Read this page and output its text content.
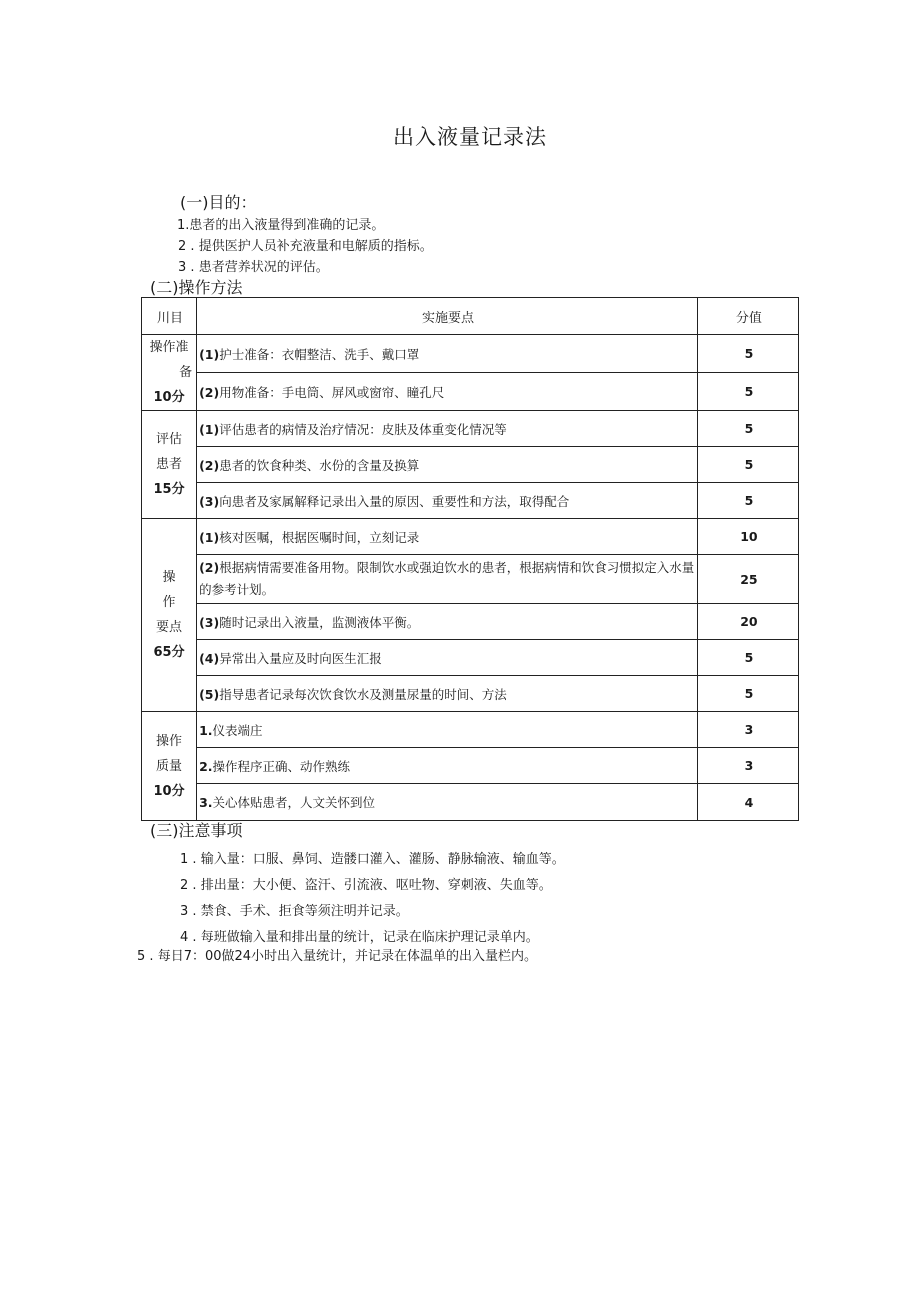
出入液量记录法
(一)目的：
1.患者的出入液量得到准确的记录。
2 . 提供医护人员补充液量和电解质的指标。
3 . 患者营养状况的评估。
(二)操作方法
川目	实施要点	分值

操作准
备
10分	(1)护士准备：衣帽整洁、洗手、戴口罩	5
	(2)用物准备：手电筒、屏风或窗帘、瞳孔尺	5

评估
患者
15分	(1)评估患者的病情及治疗情况：皮肤及体重变化情况等	5
	(2)患者的饮食种类、水份的含量及换算	5
	(3)向患者及家属解释记录出入量的原因、重要性和方法，取得配合	5

操
作
要点
65分	(1)核对医嘱，根据医嘱时间，立刻记录	10
	(2)根据病情需要准备用物。限制饮水或强迫饮水的患者，根据病情和饮食习惯拟定入水量的参考计划。	25
	(3)随时记录出入液量，监测液体平衡。	20
	(4)异常出入量应及时向医生汇报	5
	(5)指导患者记录每次饮食饮水及测量尿量的时间、方法	5

操作
质量
10分	1.仪表端庄	3
	2.操作程序正确、动作熟练	3
	3.关心体贴患者，人文关怀到位	4
(三)注意事项
1 . 输入量：口服、鼻饲、造髅口灌入、灌肠、静脉输液、输血等。
2 . 排出量：大小便、盗汗、引流液、呕吐物、穿刺液、失血等。
3 . 禁食、手术、拒食等须注明并记录。
4 . 每班做输入量和排出量的统计，记录在临床护理记录单内。
5 . 每日7：00做24小时出入量统计，并记录在体温单的出入量栏内。
